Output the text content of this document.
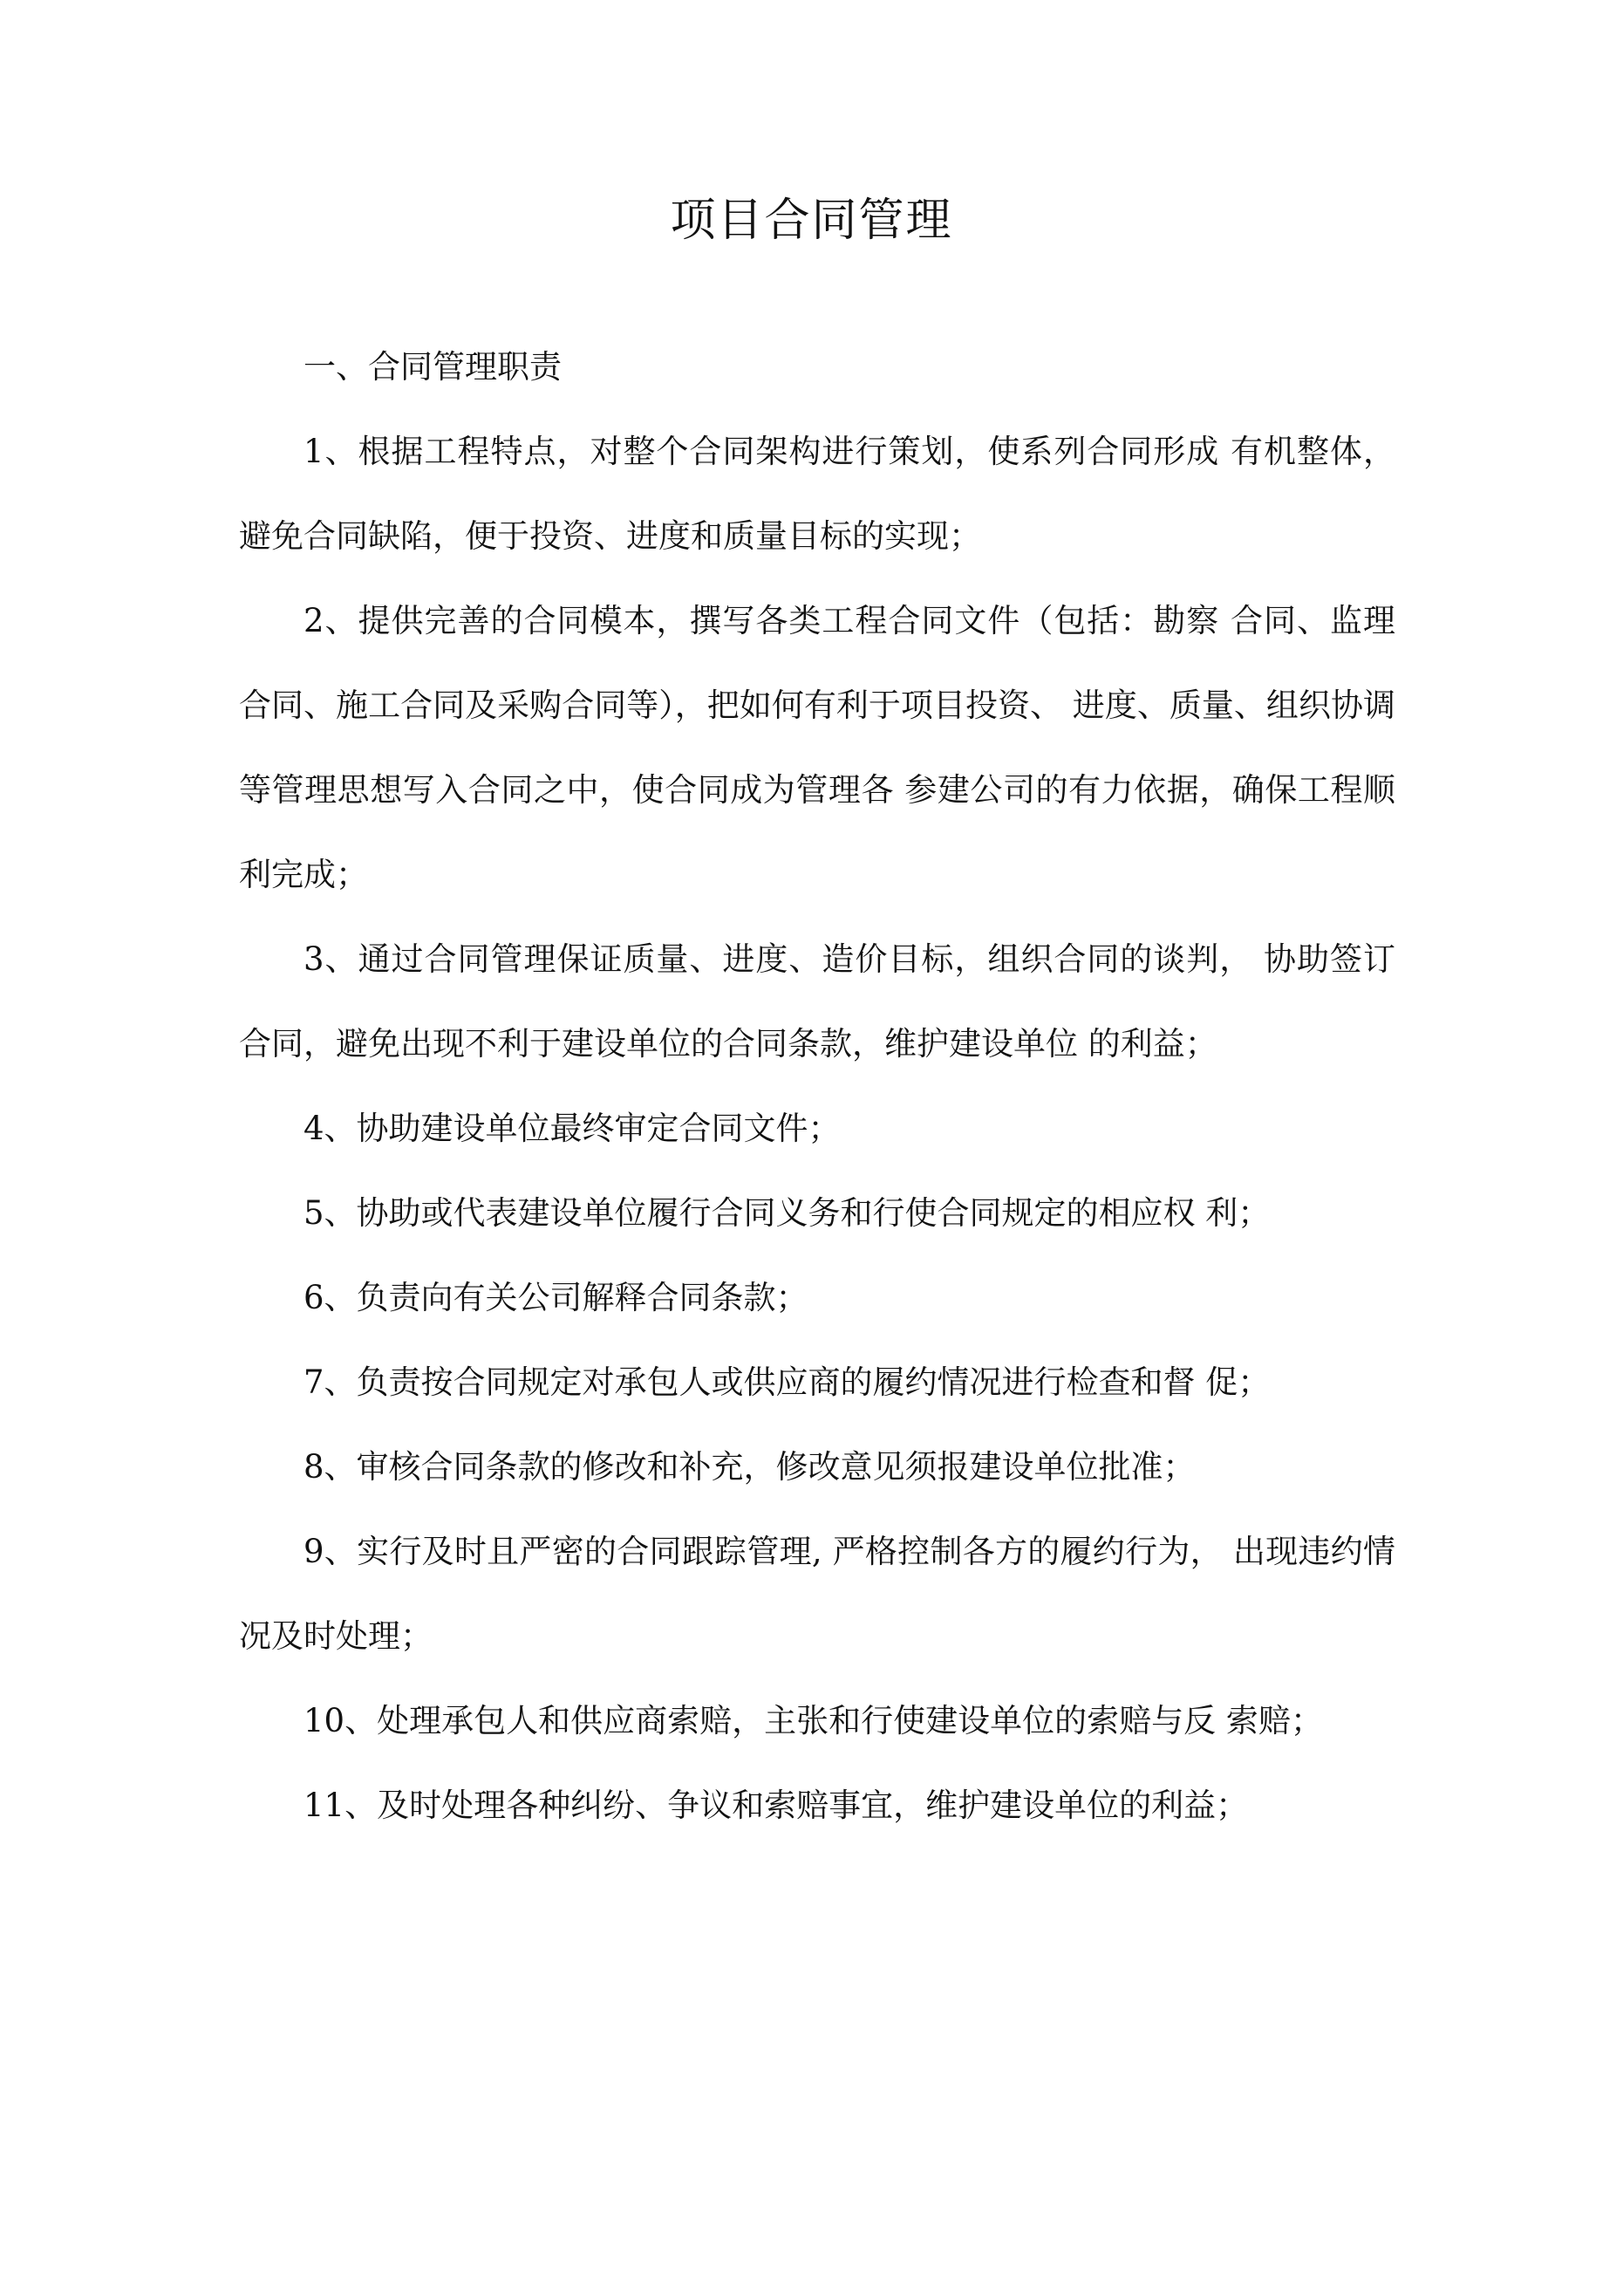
项目合同管理

一、合同管理职责

1、根据工程特点，对整个合同架构进行策划，使系列合同形成 有机整体，避免合同缺陷，便于投资、进度和质量目标的实现；

2、提供完善的合同模本，撰写各类工程合同文件（包括：勘察 合同、监理合同、施工合同及采购合同等），把如何有利于项目投资、 进度、质量、组织协调等管理思想写入合同之中，使合同成为管理各 参建公司的有力依据，确保工程顺利完成；

3、通过合同管理保证质量、进度、造价目标，组织合同的谈判， 协助签订合同，避免出现不利于建设单位的合同条款，维护建设单位 的利益；

4、协助建设单位最终审定合同文件；

5、协助或代表建设单位履行合同义务和行使合同规定的相应权 利；

6、负责向有关公司解释合同条款；

7、负责按合同规定对承包人或供应商的履约情况进行检查和督 促；

8、审核合同条款的修改和补充，修改意见须报建设单位批准；

9、实行及时且严密的合同跟踪管理, 严格控制各方的履约行为， 出现违约情况及时处理；

10、处理承包人和供应商索赔，主张和行使建设单位的索赔与反 索赔；

11、及时处理各种纠纷、争议和索赔事宜，维护建设单位的利益；
